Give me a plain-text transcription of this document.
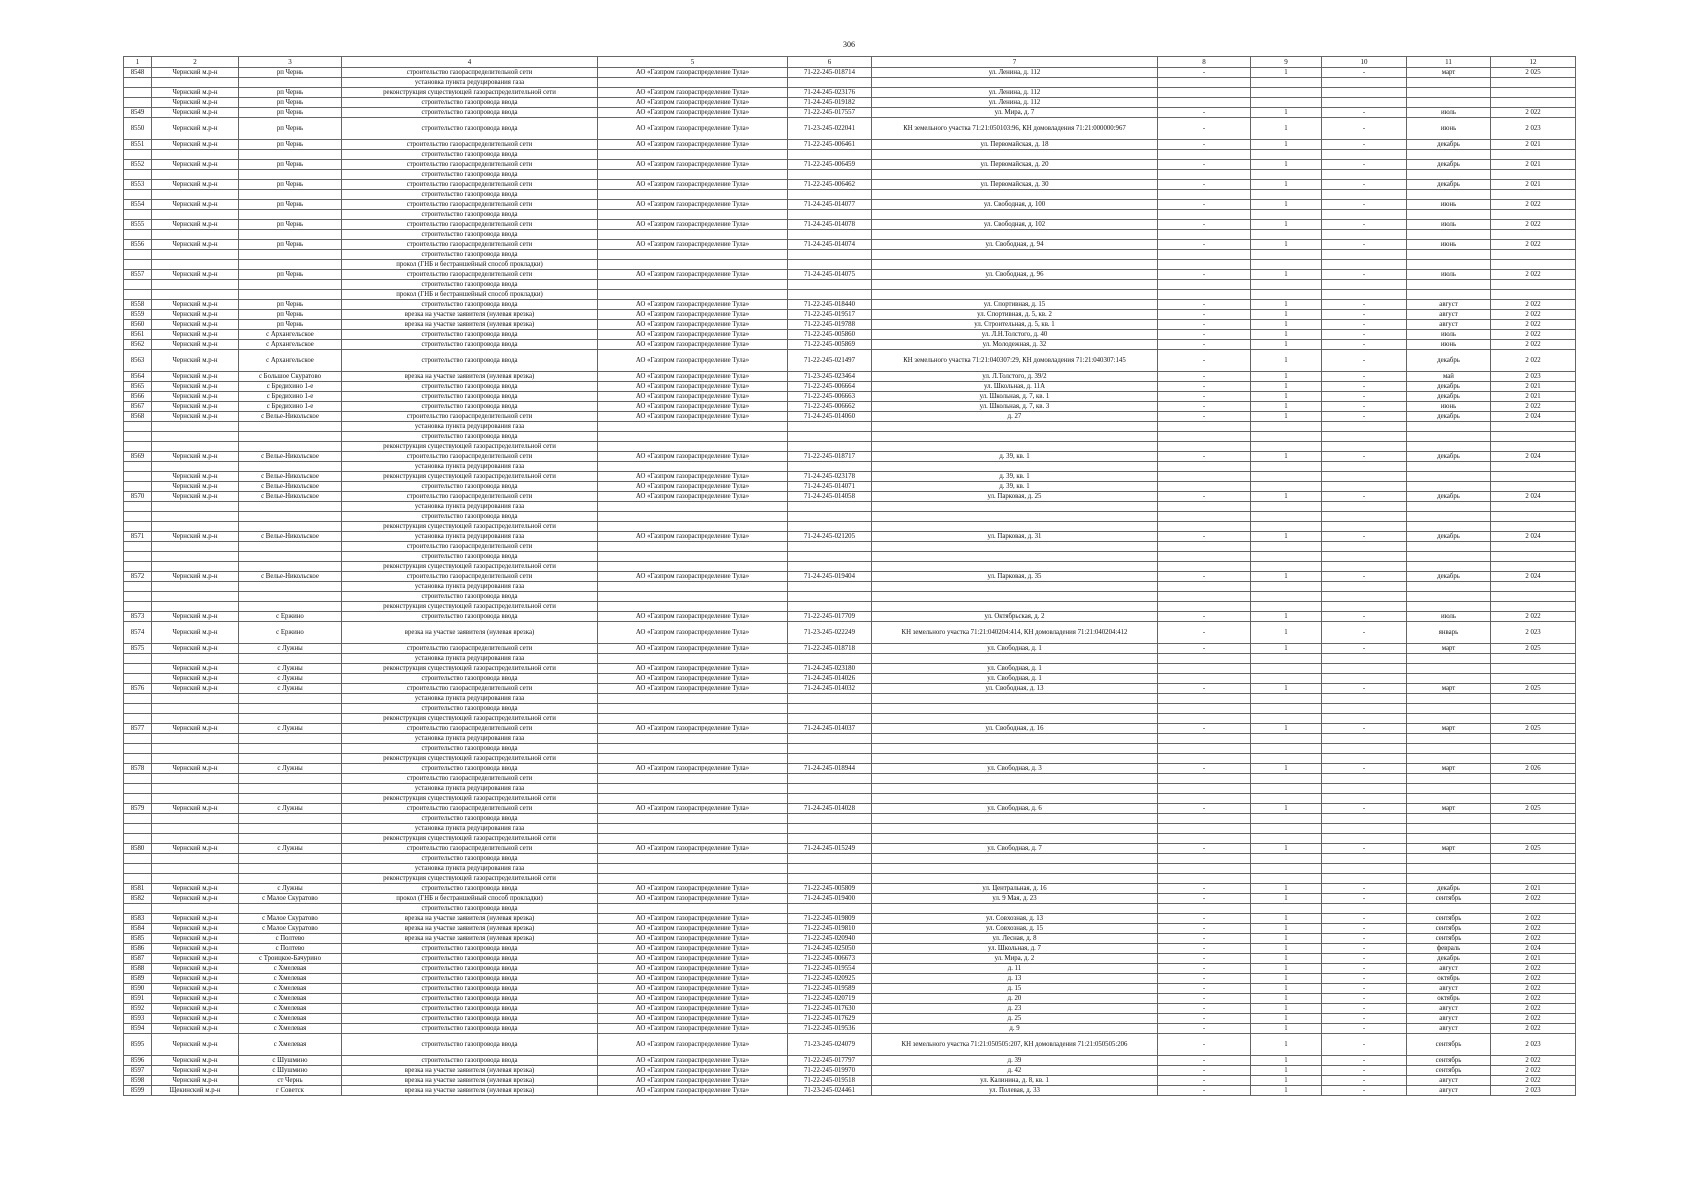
306
1	2	3	4	5	6	7	8	9	10	11	12
8548	Чернский м.р-н	рп Чернь	строительство газораспределительной сети	АО «Газпром газораспределение Тула»	71-22-245-018714	ул. Ленина, д. 112	-	1	-	март	2 025
			установка пункта редуцирования газа								
	Чернский м.р-н	рп Чернь	реконструкция существующей газораспределительной сети	АО «Газпром газораспределение Тула»	71-24-245-023176	ул. Ленина, д. 112					
	Чернский м.р-н	рп Чернь	строительство газопровода ввода	АО «Газпром газораспределение Тула»	71-24-245-019182	ул. Ленина, д. 112					
8549	Чернский м.р-н	рп Чернь	строительство газопровода ввода	АО «Газпром газораспределение Тула»	71-22-245-017557	ул. Мира, д. 7	-	1	-	июль	2 022
8550	Чернский м.р-н	рп Чернь	строительство газопровода ввода	АО «Газпром газораспределение Тула»	71-23-245-022041	КН земельного участка 71:21:050103:96, КН домовладения 71:21:000000:967	-	1	-	июнь	2 023
8551	Чернский м.р-н	рп Чернь	строительство газораспределительной сети	АО «Газпром газораспределение Тула»	71-22-245-006461	ул. Первомайская, д. 18	-	1	-	декабрь	2 021
			строительство газопровода ввода								
8552	Чернский м.р-н	рп Чернь	строительство газораспределительной сети	АО «Газпром газораспределение Тула»	71-22-245-006459	ул. Первомайская, д. 20	-	1	-	декабрь	2 021
			строительство газопровода ввода								
8553	Чернский м.р-н	рп Чернь	строительство газораспределительной сети	АО «Газпром газораспределение Тула»	71-22-245-006462	ул. Первомайская, д. 30	-	1	-	декабрь	2 021
			строительство газопровода ввода								
8554	Чернский м.р-н	рп Чернь	строительство газораспределительной сети	АО «Газпром газораспределение Тула»	71-24-245-014077	ул. Свободная, д. 100	-	1	-	июнь	2 022
			строительство газопровода ввода								
8555	Чернский м.р-н	рп Чернь	строительство газораспределительной сети	АО «Газпром газораспределение Тула»	71-24-245-014078	ул. Свободная, д. 102	-	1	-	июль	2 022
			строительство газопровода ввода								
8556	Чернский м.р-н	рп Чернь	строительство газораспределительной сети	АО «Газпром газораспределение Тула»	71-24-245-014074	ул. Свободная, д. 94	-	1	-	июнь	2 022
			строительство газопровода ввода								
			прокол (ГНБ и бестраншейный способ прокладки)								
8557	Чернский м.р-н	рп Чернь	строительство газораспределительной сети	АО «Газпром газораспределение Тула»	71-24-245-014075	ул. Свободная, д. 96	-	1	-	июль	2 022
			строительство газопровода ввода								
			прокол (ГНБ и бестраншейный способ прокладки)								
8558	Чернский м.р-н	рп Чернь	строительство газопровода ввода	АО «Газпром газораспределение Тула»	71-22-245-018440	ул. Спортивная, д. 15	-	1	-	август	2 022
8559	Чернский м.р-н	рп Чернь	врезка на участке заявителя (нулевая врезка)	АО «Газпром газораспределение Тула»	71-22-245-019517	ул. Спортивная, д. 5, кв. 2	-	1	-	август	2 022
8560	Чернский м.р-н	рп Чернь	врезка на участке заявителя (нулевая врезка)	АО «Газпром газораспределение Тула»	71-22-245-019788	ул. Строительная, д. 5, кв. 1	-	1	-	август	2 022
8561	Чернский м.р-н	с Архангельское	строительство газопровода ввода	АО «Газпром газораспределение Тула»	71-22-245-005860	ул. Л.Н.Толстого, д. 40	-	1	-	июль	2 022
8562	Чернский м.р-н	с Архангельское	строительство газопровода ввода	АО «Газпром газораспределение Тула»	71-22-245-005869	ул. Молодежная, д. 32	-	1	-	июнь	2 022
8563	Чернский м.р-н	с Архангельское	строительство газопровода ввода	АО «Газпром газораспределение Тула»	71-22-245-021497	КН земельного участка 71:21:040307:29, КН домовладения 71:21:040307:145	-	1	-	декабрь	2 022
8564	Чернский м.р-н	с Большое Скуратово	врезка на участке заявителя (нулевая врезка)	АО «Газпром газораспределение Тула»	71-23-245-023464	ул. Л.Толстого, д. 39/2	-	1	-	май	2 023
8565	Чернский м.р-н	с Бредихино 1-е	строительство газопровода ввода	АО «Газпром газораспределение Тула»	71-22-245-006664	ул. Школьная, д. 11А	-	1	-	декабрь	2 021
8566	Чернский м.р-н	с Бредихино 1-е	строительство газопровода ввода	АО «Газпром газораспределение Тула»	71-22-245-006663	ул. Школьная, д. 7, кв. 1	-	1	-	декабрь	2 021
8567	Чернский м.р-н	с Бредихино 1-е	строительство газопровода ввода	АО «Газпром газораспределение Тула»	71-22-245-006662	ул. Школьная, д. 7, кв. 3	-	1	-	июнь	2 022
8568	Чернский м.р-н	с Велье-Никольское	строительство газораспределительной сети	АО «Газпром газораспределение Тула»	71-24-245-014060	д. 27	-	1	-	декабрь	2 024
			установка пункта редуцирования газа								
			строительство газопровода ввода								
			реконструкция существующей газораспределительной сети								
8569	Чернский м.р-н	с Велье-Никольское	строительство газораспределительной сети	АО «Газпром газораспределение Тула»	71-22-245-018717	д. 39, кв. 1	-	1	-	декабрь	2 024
			установка пункта редуцирования газа								
	Чернский м.р-н	с Велье-Никольское	реконструкция существующей газораспределительной сети	АО «Газпром газораспределение Тула»	71-24-245-023178	д. 39, кв. 1					
	Чернский м.р-н	с Велье-Никольское	строительство газопровода ввода	АО «Газпром газораспределение Тула»	71-24-245-014071	д. 39, кв. 1					
8570	Чернский м.р-н	с Велье-Никольское	строительство газораспределительной сети	АО «Газпром газораспределение Тула»	71-24-245-014058	ул. Парковая, д. 25	-	1	-	декабрь	2 024
			установка пункта редуцирования газа								
			строительство газопровода ввода								
			реконструкция существующей газораспределительной сети								
8571	Чернский м.р-н	с Велье-Никольское	установка пункта редуцирования газа	АО «Газпром газораспределение Тула»	71-24-245-021205	ул. Парковая, д. 31	-	1	-	декабрь	2 024
			строительство газораспределительной сети								
			строительство газопровода ввода								
			реконструкция существующей газораспределительной сети								
8572	Чернский м.р-н	с Велье-Никольское	строительство газораспределительной сети	АО «Газпром газораспределение Тула»	71-24-245-019404	ул. Парковая, д. 35	-	1	-	декабрь	2 024
			установка пункта редуцирования газа								
			строительство газопровода ввода								
			реконструкция существующей газораспределительной сети								
8573	Чернский м.р-н	с Ержино	строительство газопровода ввода	АО «Газпром газораспределение Тула»	71-22-245-017709	ул. Октябрьская, д. 2	-	1	-	июль	2 022
8574	Чернский м.р-н	с Ержино	врезка на участке заявителя (нулевая врезка)	АО «Газпром газораспределение Тула»	71-23-245-022249	КН земельного участка 71:21:040204:414, КН домовладения 71:21:040204:412	-	1	-	январь	2 023
8575	Чернский м.р-н	с Лужны	строительство газораспределительной сети	АО «Газпром газораспределение Тула»	71-22-245-018718	ул. Свободная, д. 1	-	1	-	март	2 025
			установка пункта редуцирования газа								
	Чернский м.р-н	с Лужны	реконструкция существующей газораспределительной сети	АО «Газпром газораспределение Тула»	71-24-245-023180	ул. Свободная, д. 1					
	Чернский м.р-н	с Лужны	строительство газопровода ввода	АО «Газпром газораспределение Тула»	71-24-245-014026	ул. Свободная, д. 1					
8576	Чернский м.р-н	с Лужны	строительство газораспределительной сети	АО «Газпром газораспределение Тула»	71-24-245-014032	ул. Свободная, д. 13	-	1	-	март	2 025
			установка пункта редуцирования газа								
			строительство газопровода ввода								
			реконструкция существующей газораспределительной сети								
8577	Чернский м.р-н	с Лужны	строительство газораспределительной сети	АО «Газпром газораспределение Тула»	71-24-245-014037	ул. Свободная, д. 16	-	1	-	март	2 025
			установка пункта редуцирования газа								
			строительство газопровода ввода								
			реконструкция существующей газораспределительной сети								
8578	Чернский м.р-н	с Лужны	строительство газопровода ввода	АО «Газпром газораспределение Тула»	71-24-245-018944	ул. Свободная, д. 3	-	1	-	март	2 026
			строительство газораспределительной сети								
			установка пункта редуцирования газа								
			реконструкция существующей газораспределительной сети								
8579	Чернский м.р-н	с Лужны	строительство газораспределительной сети	АО «Газпром газораспределение Тула»	71-24-245-014028	ул. Свободная, д. 6	-	1	-	март	2 025
			строительство газопровода ввода								
			установка пункта редуцирования газа								
			реконструкция существующей газораспределительной сети								
8580	Чернский м.р-н	с Лужны	строительство газораспределительной сети	АО «Газпром газораспределение Тула»	71-24-245-015249	ул. Свободная, д. 7	-	1	-	март	2 025
			строительство газопровода ввода								
			установка пункта редуцирования газа								
			реконструкция существующей газораспределительной сети								
8581	Чернский м.р-н	с Лужны	строительство газопровода ввода	АО «Газпром газораспределение Тула»	71-22-245-005809	ул. Центральная, д. 16	-	1	-	декабрь	2 021
8582	Чернский м.р-н	с Малое Скуратово	прокол (ГНБ и бестраншейный способ прокладки)	АО «Газпром газораспределение Тула»	71-24-245-019400	ул. 9 Мая, д. 23	-	1	-	сентябрь	2 022
			строительство газопровода ввода								
8583	Чернский м.р-н	с Малое Скуратово	врезка на участке заявителя (нулевая врезка)	АО «Газпром газораспределение Тула»	71-22-245-019809	ул. Совхозная, д. 13	-	1	-	сентябрь	2 022
8584	Чернский м.р-н	с Малое Скуратово	врезка на участке заявителя (нулевая врезка)	АО «Газпром газораспределение Тула»	71-22-245-019810	ул. Совхозная, д. 15	-	1	-	сентябрь	2 022
8585	Чернский м.р-н	с Полтево	врезка на участке заявителя (нулевая врезка)	АО «Газпром газораспределение Тула»	71-22-245-020940	ул. Лесная, д. 8	-	1	-	сентябрь	2 022
8586	Чернский м.р-н	с Полтево	строительство газопровода ввода	АО «Газпром газораспределение Тула»	71-24-245-025050	ул. Школьная, д. 7	-	1	-	февраль	2 024
8587	Чернский м.р-н	с Троицкое-Бачурино	строительство газопровода ввода	АО «Газпром газораспределение Тула»	71-22-245-006673	ул. Мира, д. 2	-	1	-	декабрь	2 021
8588	Чернский м.р-н	с Хмелевая	строительство газопровода ввода	АО «Газпром газораспределение Тула»	71-22-245-019554	д. 11	-	1	-	август	2 022
8589	Чернский м.р-н	с Хмелевая	строительство газопровода ввода	АО «Газпром газораспределение Тула»	71-22-245-020925	д. 13	-	1	-	октябрь	2 022
8590	Чернский м.р-н	с Хмелевая	строительство газопровода ввода	АО «Газпром газораспределение Тула»	71-22-245-019589	д. 15	-	1	-	август	2 022
8591	Чернский м.р-н	с Хмелевая	строительство газопровода ввода	АО «Газпром газораспределение Тула»	71-22-245-020719	д. 20	-	1	-	октябрь	2 022
8592	Чернский м.р-н	с Хмелевая	строительство газопровода ввода	АО «Газпром газораспределение Тула»	71-22-245-017630	д. 23	-	1	-	август	2 022
8593	Чернский м.р-н	с Хмелевая	строительство газопровода ввода	АО «Газпром газораспределение Тула»	71-22-245-017629	д. 25	-	1	-	август	2 022
8594	Чернский м.р-н	с Хмелевая	строительство газопровода ввода	АО «Газпром газораспределение Тула»	71-22-245-019536	д. 9	-	1	-	август	2 022
8595	Чернский м.р-н	с Хмелевая	строительство газопровода ввода	АО «Газпром газораспределение Тула»	71-23-245-024079	КН земельного участка 71:21:050505:207, КН домовладения 71:21:050505:206	-	1	-	сентябрь	2 023
8596	Чернский м.р-н	с Шушмино	строительство газопровода ввода	АО «Газпром газораспределение Тула»	71-22-245-017797	д. 39	-	1	-	сентябрь	2 022
8597	Чернский м.р-н	с Шушмино	врезка на участке заявителя (нулевая врезка)	АО «Газпром газораспределение Тула»	71-22-245-019970	д. 42	-	1	-	сентябрь	2 022
8598	Чернский м.р-н	ст Чернь	врезка на участке заявителя (нулевая врезка)	АО «Газпром газораспределение Тула»	71-22-245-019518	ул. Калинина, д. 8, кв. 1	-	1	-	август	2 022
8599	Щекинский м.р-н	г Советск	врезка на участке заявителя (нулевая врезка)	АО «Газпром газораспределение Тула»	71-23-245-024461	ул. Полевая, д. 33	-	1	-	август	2 023
